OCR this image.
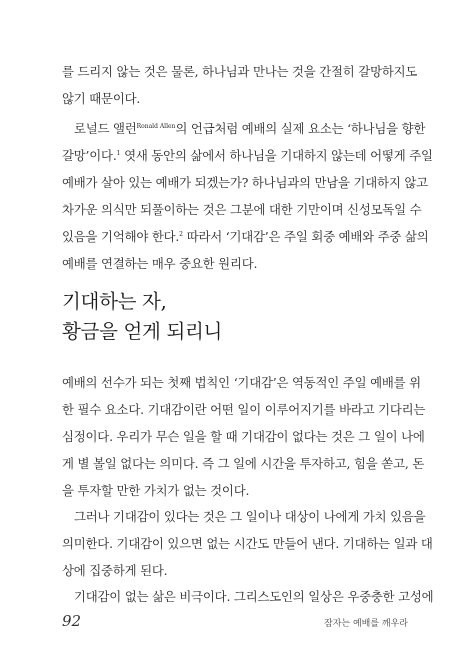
를 드리지 않는 것은 물론, 하나님과 만나는 것을 간절히 갈망하지도
않기 때문이다.
로널드 앨런$^{Ronald Allen}$의 언급처럼 예배의 실제 요소는 ‘하나님을 향한
갈망’이다.$^1$ 엿새 동안의 삶에서 하나님을 기대하지 않는데 어떻게 주일
예배가 살아 있는 예배가 되겠는가? 하나님과의 만남을 기대하지 않고
차가운 의식만 되풀이하는 것은 그분에 대한 기만이며 신성모독일 수
있음을 기억해야 한다.$^2$ 따라서 ‘기대감’은 주일 회중 예배와 주중 삶의
예배를 연결하는 매우 중요한 원리다.
기대하는 자,
황금을 얻게 되리니
예배의 선수가 되는 첫째 법칙인 ‘기대감’은 역동적인 주일 예배를 위
한 필수 요소다. 기대감이란 어떤 일이 이루어지기를 바라고 기다리는
심정이다. 우리가 무슨 일을 할 때 기대감이 없다는 것은 그 일이 나에
게 별 볼일 없다는 의미다. 즉 그 일에 시간을 투자하고, 힘을 쏟고, 돈
을 투자할 만한 가치가 없는 것이다.
그러나 기대감이 있다는 것은 그 일이나 대상이 나에게 가치 있음을
의미한다. 기대감이 있으면 없는 시간도 만들어 낸다. 기대하는 일과 대
상에 집중하게 된다.
기대감이 없는 삶은 비극이다. 그리스도인의 일상은 우중충한 고성에
92	잠자는 예배를 깨우라
